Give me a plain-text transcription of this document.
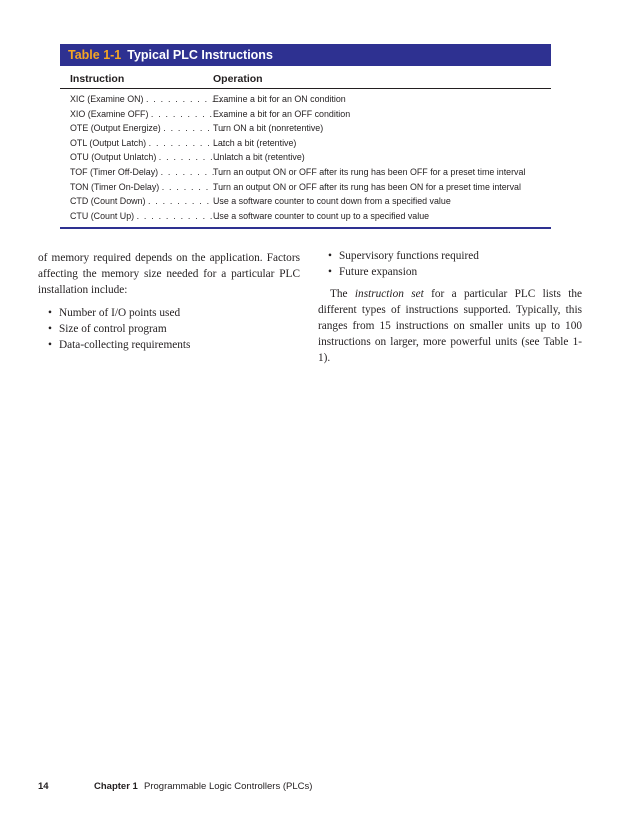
Table 1-1 Typical PLC Instructions
Instruction	Operation
XIC (Examine ON) . . . . . . . . . . . .
Examine a bit for an ON condition
XIO (Examine OFF) . . . . . . . . . . .
Examine a bit for an OFF condition
OTE (Output Energize) . . . . . . . . .
Turn ON a bit (nonretentive)
OTL (Output Latch) . . . . . . . . . . .
Latch a bit (retentive)
OTU (Output Unlatch) . . . . . . . . .
Unlatch a bit (retentive)
TOF (Timer Off-Delay) . . . . . . . . .
Turn an output ON or OFF after its rung has been OFF for a preset time interval
TON (Timer On-Delay) . . . . . . . . .
Turn an output ON or OFF after its rung has been ON for a preset time interval
CTD (Count Down) . . . . . . . . . . .
Use a software counter to count down from a specified value
CTU (Count Up) . . . . . . . . . . . . .
Use a software counter to count up to a specified value
of memory required depends on the application. Factors affecting the memory size needed for a particular PLC installation include:
• Number of I/O points used
• Size of control program
• Data-collecting requirements
• Supervisory functions required
• Future expansion

The instruction set for a particular PLC lists the different types of instructions supported. Typically, this ranges from 15 instructions on smaller units up to 100 instructions on larger, more powerful units (see Table 1-1).

14	Chapter 1 Programmable Logic Controllers (PLCs)
